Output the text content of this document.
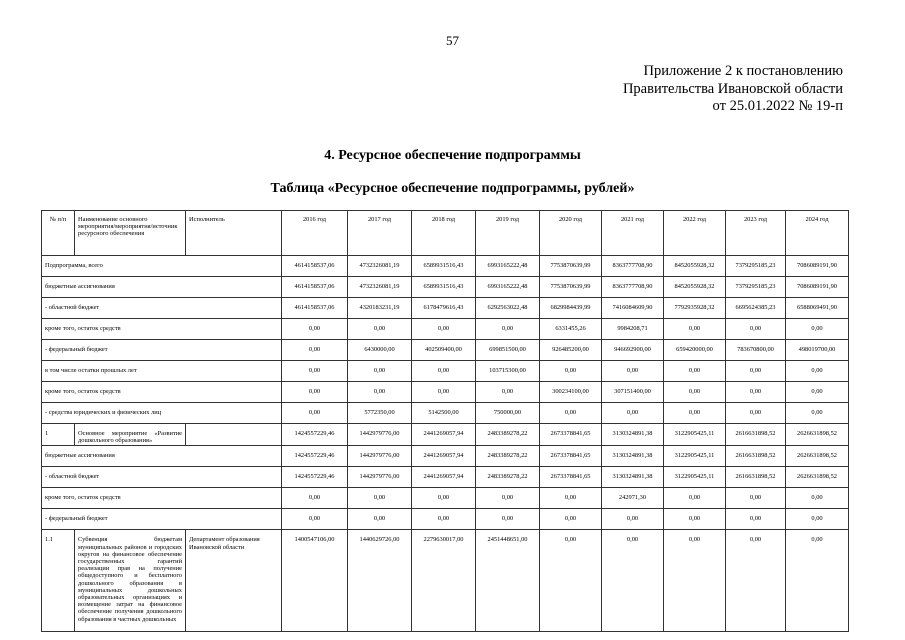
57
Приложение 2 к постановлению
Правительства Ивановской области
от 25.01.2022 № 19-п
4. Ресурсное обеспечение подпрограммы
Таблица «Ресурсное обеспечение подпрограммы, рублей»
№ п/п	Наименование основного мероприятия/мероприятия/источник ресурсного обеспечения	Исполнитель	2016 год	2017 год	2018 год	2019 год	2020 год	2021 год	2022 год	2023 год	2024 год
Подпрограмма, всего			4614158537,06	4732326081,19	6589931516,43	6993165222,48	7753870639,99	8363777708,90	8452055928,32	7379295185,23	7086089191,90
бюджетные ассигнования			4614158537,06	4732326081,19	6589931516,43	6993165222,48	7753870639,99	8363777708,90	8452055928,32	7379295185,23	7086089191,90
- областной бюджет			4614158537,06	4320183231,19	6178479616,43	6292563022,48	6829984439,99	7416084609,90	7792935928,32	6695624385,23	6588069491,90
кроме того, остаток средств			0,00	0,00	0,00	0,00	6331455,26	9984208,71	0,00	0,00	0,00
- федеральный бюджет			0,00	6430000,00	402509400,00	699851500,00	926485200,00	946692900,00	659420000,00	783670800,00	498019700,00
в том числе остатки прошлых лет			0,00	0,00	0,00	103715300,00	0,00	0,00	0,00	0,00	0,00
кроме того, остаток средств			0,00	0,00	0,00	0,00	300234100,00	307151400,00	0,00	0,00	0,00
- средства юридических и физических лиц			0,00	5772350,00	5142500,00	750000,00	0,00	0,00	0,00	0,00	0,00
1	Основное мероприятие «Развитие дошкольного образования»		1424557229,46	1442979776,00	2441269057,94	2483389278,22	2673378841,65	3130324891,38	3122905425,11	2616631898,52	2626631898,52
бюджетные ассигнования			1424557229,46	1442979776,00	2441269057,94	2483389278,22	2673378841,65	3130324891,38	3122905425,11	2616631898,52	2626631898,52
- областной бюджет			1424557229,46	1442979776,00	2441269057,94	2483389278,22	2673378841,65	3130324891,38	3122905425,11	2616631898,52	2626631898,52
кроме того, остаток средств			0,00	0,00	0,00	0,00	0,00	242971,30	0,00	0,00	0,00
- федеральный бюджет			0,00	0,00	0,00	0,00	0,00	0,00	0,00	0,00	0,00
1.1	Субвенция бюджетам муниципальных районов и городских округов на финансовое обеспечение государственных гарантий реализации прав на получение общедоступного и бесплатного дошкольного образования в муниципальных дошкольных образовательных организациях и возмещение затрат на финансовое обеспечение получения дошкольного образования в частных дошкольных	Департамент образования Ивановской области	1400547106,00	1440629726,00	2279630017,00	2451448651,00	0,00	0,00	0,00	0,00	0,00
